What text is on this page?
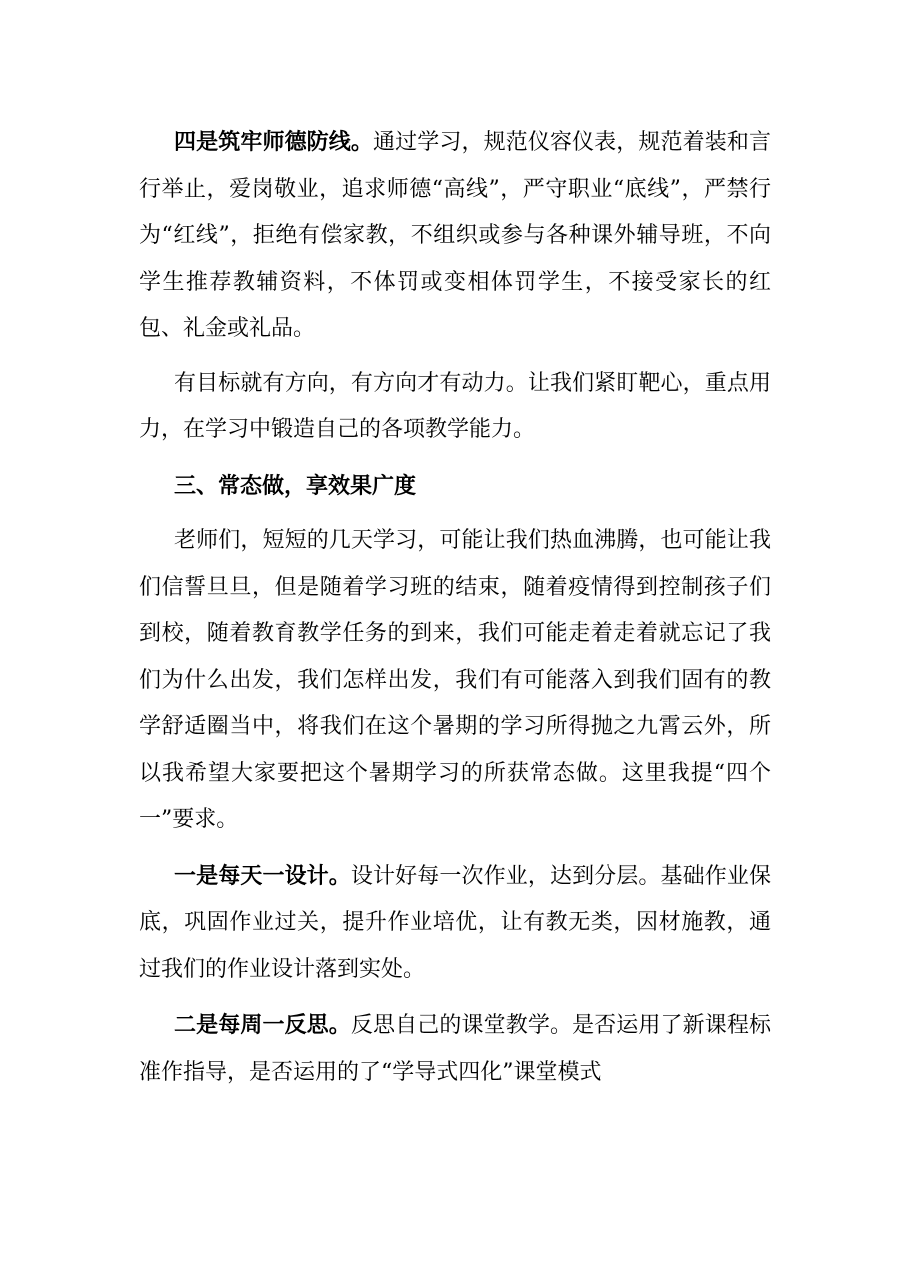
四是筑牢师德防线。通过学习，规范仪容仪表，规范着装和言行举止，爱岗敬业，追求师德“高线”，严守职业“底线”，严禁行为“红线”，拒绝有偿家教，不组织或参与各种课外辅导班，不向学生推荐教辅资料，不体罚或变相体罚学生，不接受家长的红包、礼金或礼品。

有目标就有方向，有方向才有动力。让我们紧盯靶心，重点用力，在学习中锻造自己的各项教学能力。

三、常态做，享效果广度

老师们，短短的几天学习，可能让我们热血沸腾，也可能让我们信誓旦旦，但是随着学习班的结束，随着疫情得到控制孩子们到校，随着教育教学任务的到来，我们可能走着走着就忘记了我们为什么出发，我们怎样出发，我们有可能落入到我们固有的教学舒适圈当中，将我们在这个暑期的学习所得抛之九霄云外，所以我希望大家要把这个暑期学习的所获常态做。这里我提“四个一”要求。

一是每天一设计。设计好每一次作业，达到分层。基础作业保底，巩固作业过关，提升作业培优，让有教无类，因材施教，通过我们的作业设计落到实处。

二是每周一反思。反思自己的课堂教学。是否运用了新课程标准作指导，是否运用的了“学导式四化”课堂模式
